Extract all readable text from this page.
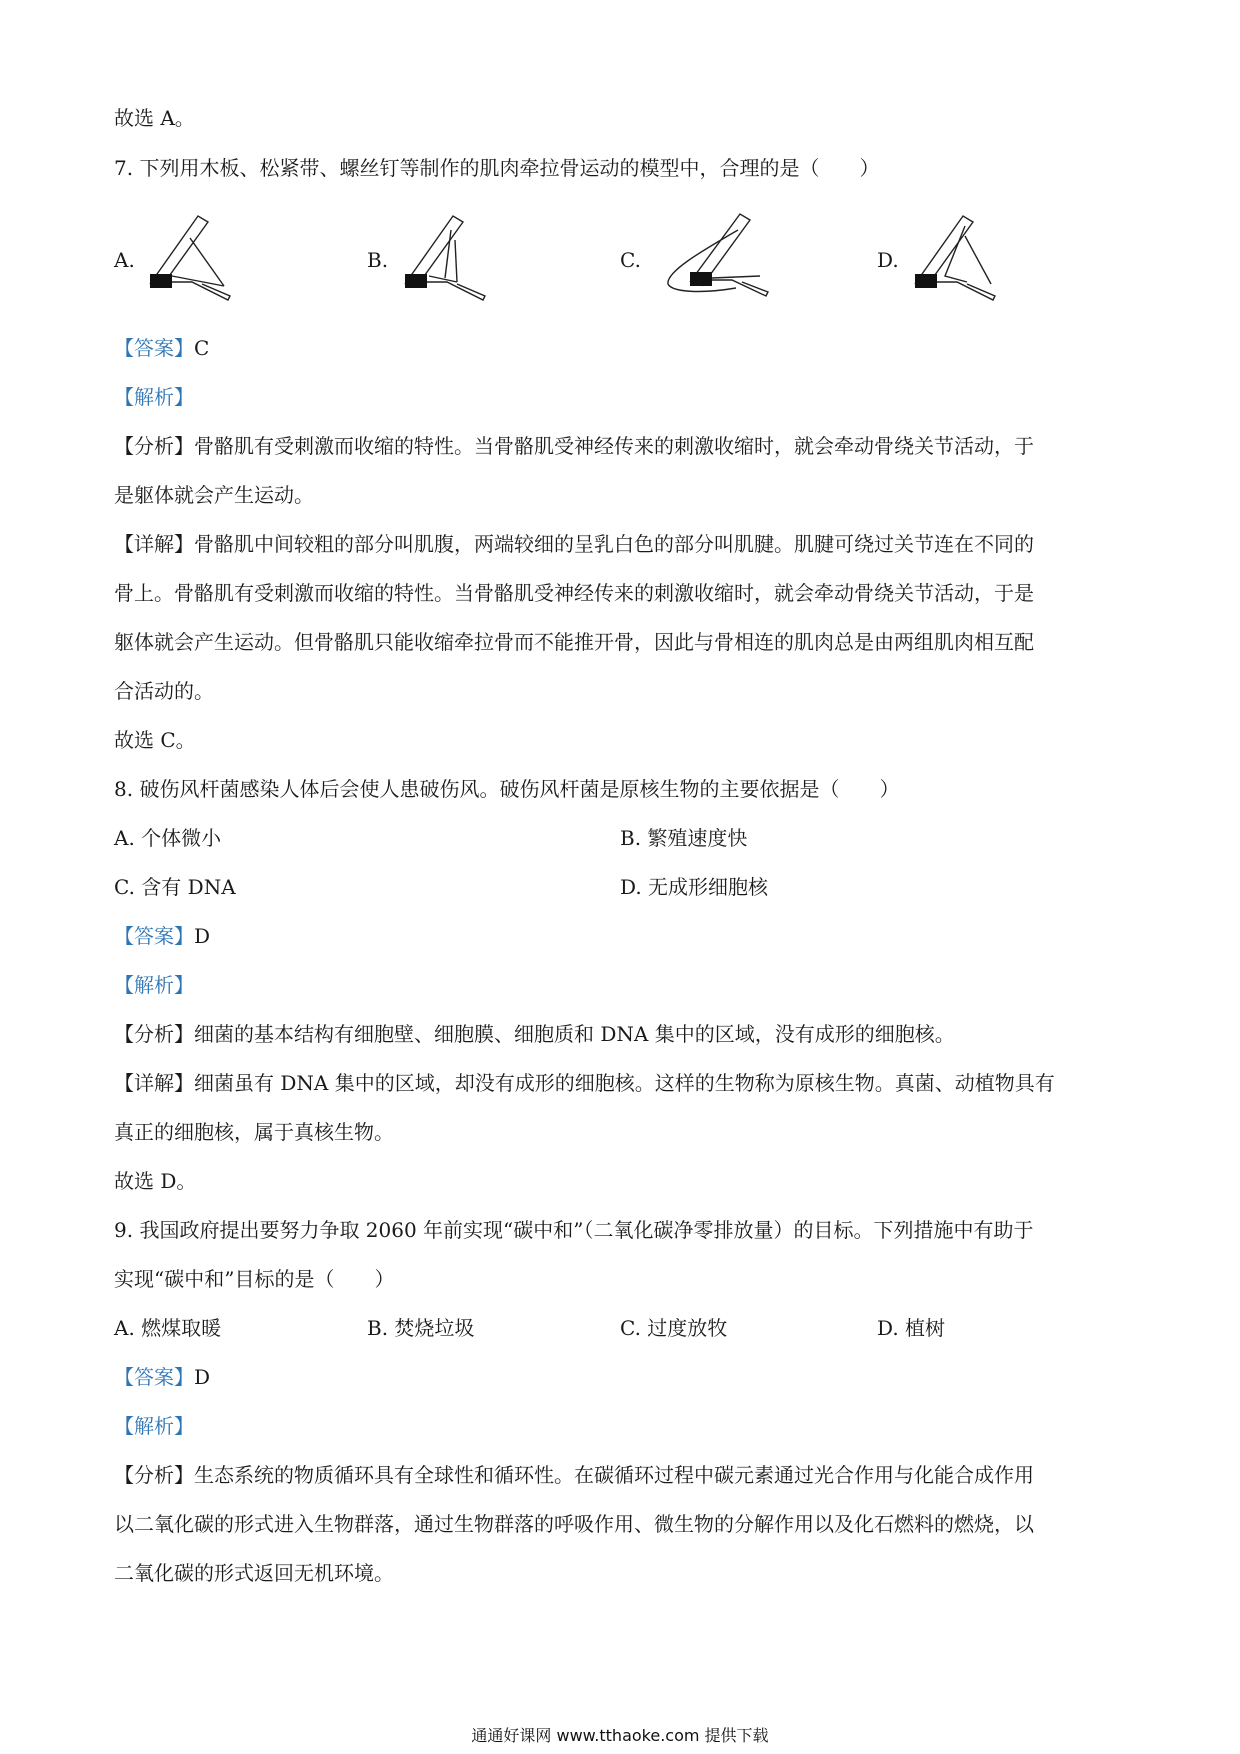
故选 A。
7. 下列用木板、松紧带、螺丝钉等制作的肌肉牵拉骨运动的模型中，合理的是（　　）
A.	B.	C.	D.
【答案】C
【解析】
【分析】骨骼肌有受刺激而收缩的特性。当骨骼肌受神经传来的刺激收缩时，就会牵动骨绕关节活动，于
是躯体就会产生运动。
【详解】骨骼肌中间较粗的部分叫肌腹，两端较细的呈乳白色的部分叫肌腱。肌腱可绕过关节连在不同的
骨上。骨骼肌有受刺激而收缩的特性。当骨骼肌受神经传来的刺激收缩时，就会牵动骨绕关节活动，于是
躯体就会产生运动。但骨骼肌只能收缩牵拉骨而不能推开骨，因此与骨相连的肌肉总是由两组肌肉相互配
合活动的。
故选 C。
8. 破伤风杆菌感染人体后会使人患破伤风。破伤风杆菌是原核生物的主要依据是（　　）
A. 个体微小	B. 繁殖速度快
C. 含有 DNA	D. 无成形细胞核
【答案】D
【解析】
【分析】细菌的基本结构有细胞壁、细胞膜、细胞质和 DNA 集中的区域，没有成形的细胞核。
【详解】细菌虽有 DNA 集中的区域，却没有成形的细胞核。这样的生物称为原核生物。真菌、动植物具有
真正的细胞核，属于真核生物。
故选 D。
9. 我国政府提出要努力争取 2060 年前实现“碳中和”（二氧化碳净零排放量）的目标。下列措施中有助于
实现“碳中和”目标的是（　　）
A. 燃煤取暖	B. 焚烧垃圾	C. 过度放牧	D. 植树
【答案】D
【解析】
【分析】生态系统的物质循环具有全球性和循环性。在碳循环过程中碳元素通过光合作用与化能合成作用
以二氧化碳的形式进入生物群落，通过生物群落的呼吸作用、微生物的分解作用以及化石燃料的燃烧，以
二氧化碳的形式返回无机环境。
通通好课网 www.tthaoke.com 提供下载
